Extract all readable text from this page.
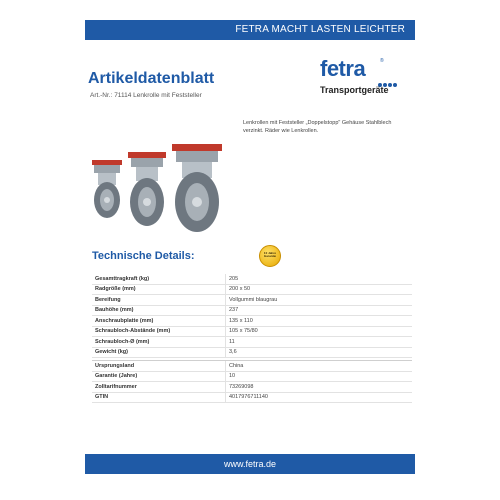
FETRA MACHT LASTEN LEICHTER
Artikeldatenblatt
Art.-Nr.: 71114 Lenkrolle mit Feststeller
fetra	®
Transportgeräte
Lenkrollen mit Feststeller „Doppelstopp" Gehäuse Stahlblech verzinkt. Räder wie Lenkrollen.
Technische Details:	10 Jahre Garantie
Gesamttragkraft (kg)	205
Radgröße (mm)	200 x 50
Bereifung	Vollgummi blaugrau
Bauhöhe (mm)	237
Anschraubplatte (mm)	135 x 110
Schraubloch-Abstände (mm)	105 x 75/80
Schraubloch-Ø (mm)	11
Gewicht (kg)	3,6
Ursprungsland	China
Garantie (Jahre)	10
Zolltarifnummer	73269098
GTIN	4017976711140
www.fetra.de
